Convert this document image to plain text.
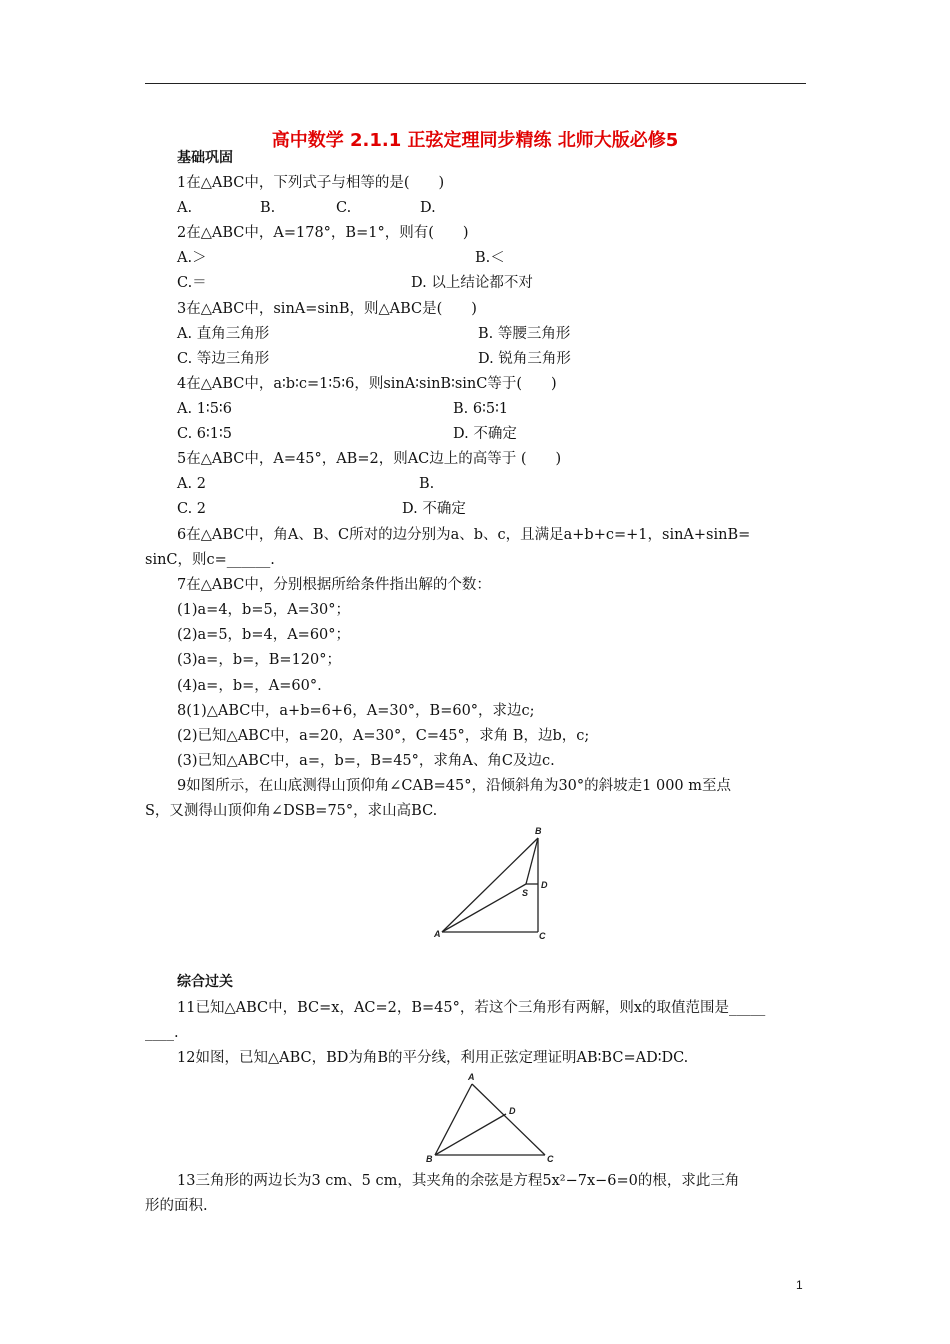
高中数学 2.1.1 正弦定理同步精练 北师大版必修5
基础巩固
1在△ABC中，下列式子与相等的是(　　)
A.	B.	C.	D.
2在△ABC中，A=178°，B=1°，则有(　　)
A.＞	B.＜
C.＝	D. 以上结论都不对
3在△ABC中，sinA=sinB，则△ABC是(　　)
A. 直角三角形	B. 等腰三角形
C. 等边三角形	D. 锐角三角形
4在△ABC中，a∶b∶c=1∶5∶6，则sinA∶sinB∶sinC等于(　　)
A. 1∶5∶6	B. 6∶5∶1
C. 6∶1∶5	D. 不确定
5在△ABC中，A=45°，AB=2，则AC边上的高等于 (　　)
A. 2	B.
C. 2	D. 不确定
6在△ABC中，角A、B、C所对的边分别为a、b、c，且满足a+b+c=+1，sinA+sinB=
sinC，则c=______.
7在△ABC中，分别根据所给条件指出解的个数：
(1)a=4，b=5，A=30°；
(2)a=5，b=4，A=60°；
(3)a=，b=，B=120°；
(4)a=，b=，A=60°.
8(1)△ABC中，a+b=6+6，A=30°，B=60°，求边c;
(2)已知△ABC中，a=20，A=30°，C=45°，求角 B，边b，c;
(3)已知△ABC中，a=，b=，B=45°，求角A、角C及边c.
9如图所示，在山底测得山顶仰角∠CAB=45°，沿倾斜角为30°的斜坡走1 000 m至点
S，又测得山顶仰角∠DSB=75°，求山高BC.
B
D
S
A	C
综合过关
11已知△ABC中，BC=x，AC=2，B=45°，若这个三角形有两解，则x的取值范围是_____
____.
12如图，已知△ABC，BD为角B的平分线，利用正弦定理证明AB∶BC=AD∶DC.
A
D
B	C
13三角形的两边长为3 cm、5 cm，其夹角的余弦是方程5x²−7x−6=0的根，求此三角
形的面积.
1
